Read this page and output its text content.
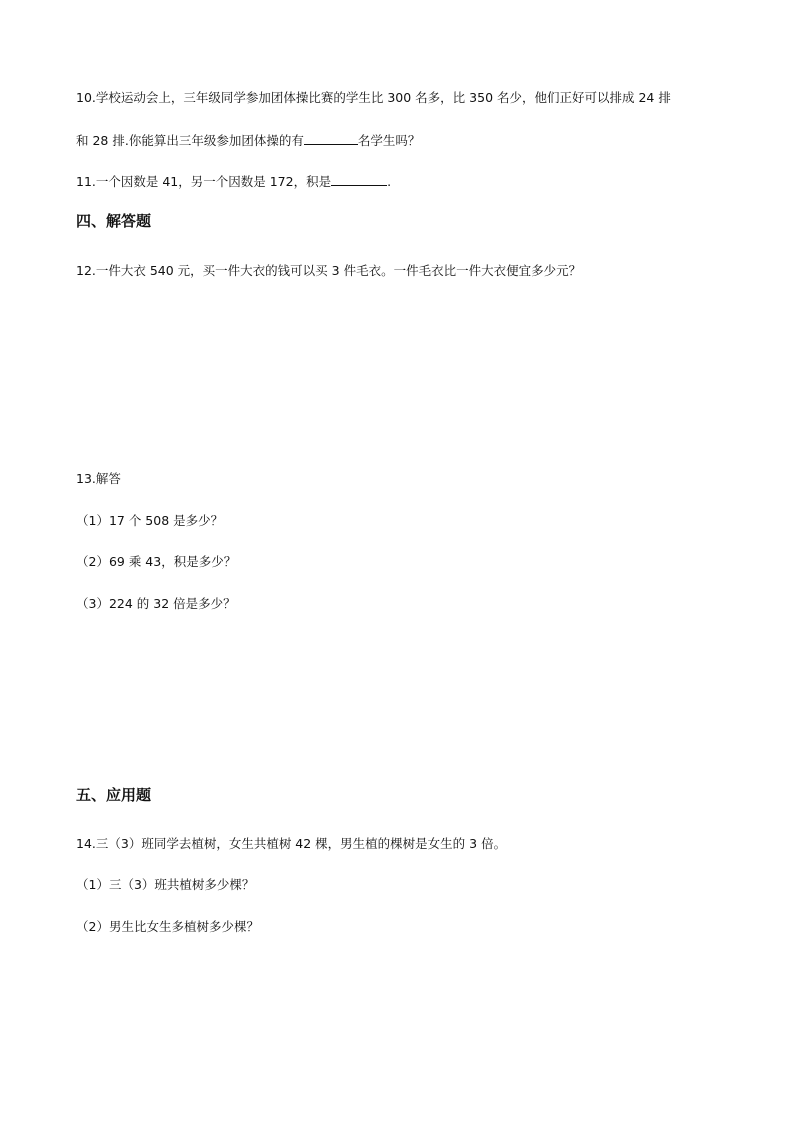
10.学校运动会上，三年级同学参加团体操比赛的学生比 300 名多，比 350 名少，他们正好可以排成 24 排
和 28 排.你能算出三年级参加团体操的有	名学生吗？
11.一个因数是 41，另一个因数是 172，积是	.
四、解答题
12.一件大衣 540 元，买一件大衣的钱可以买 3 件毛衣。一件毛衣比一件大衣便宜多少元？
13.解答
（1）17 个 508 是多少？
（2）69 乘 43，积是多少？
（3）224 的 32 倍是多少？
五、应用题
14.三（3）班同学去植树，女生共植树 42 棵，男生植的棵树是女生的 3 倍。
（1）三（3）班共植树多少棵？
（2）男生比女生多植树多少棵？
